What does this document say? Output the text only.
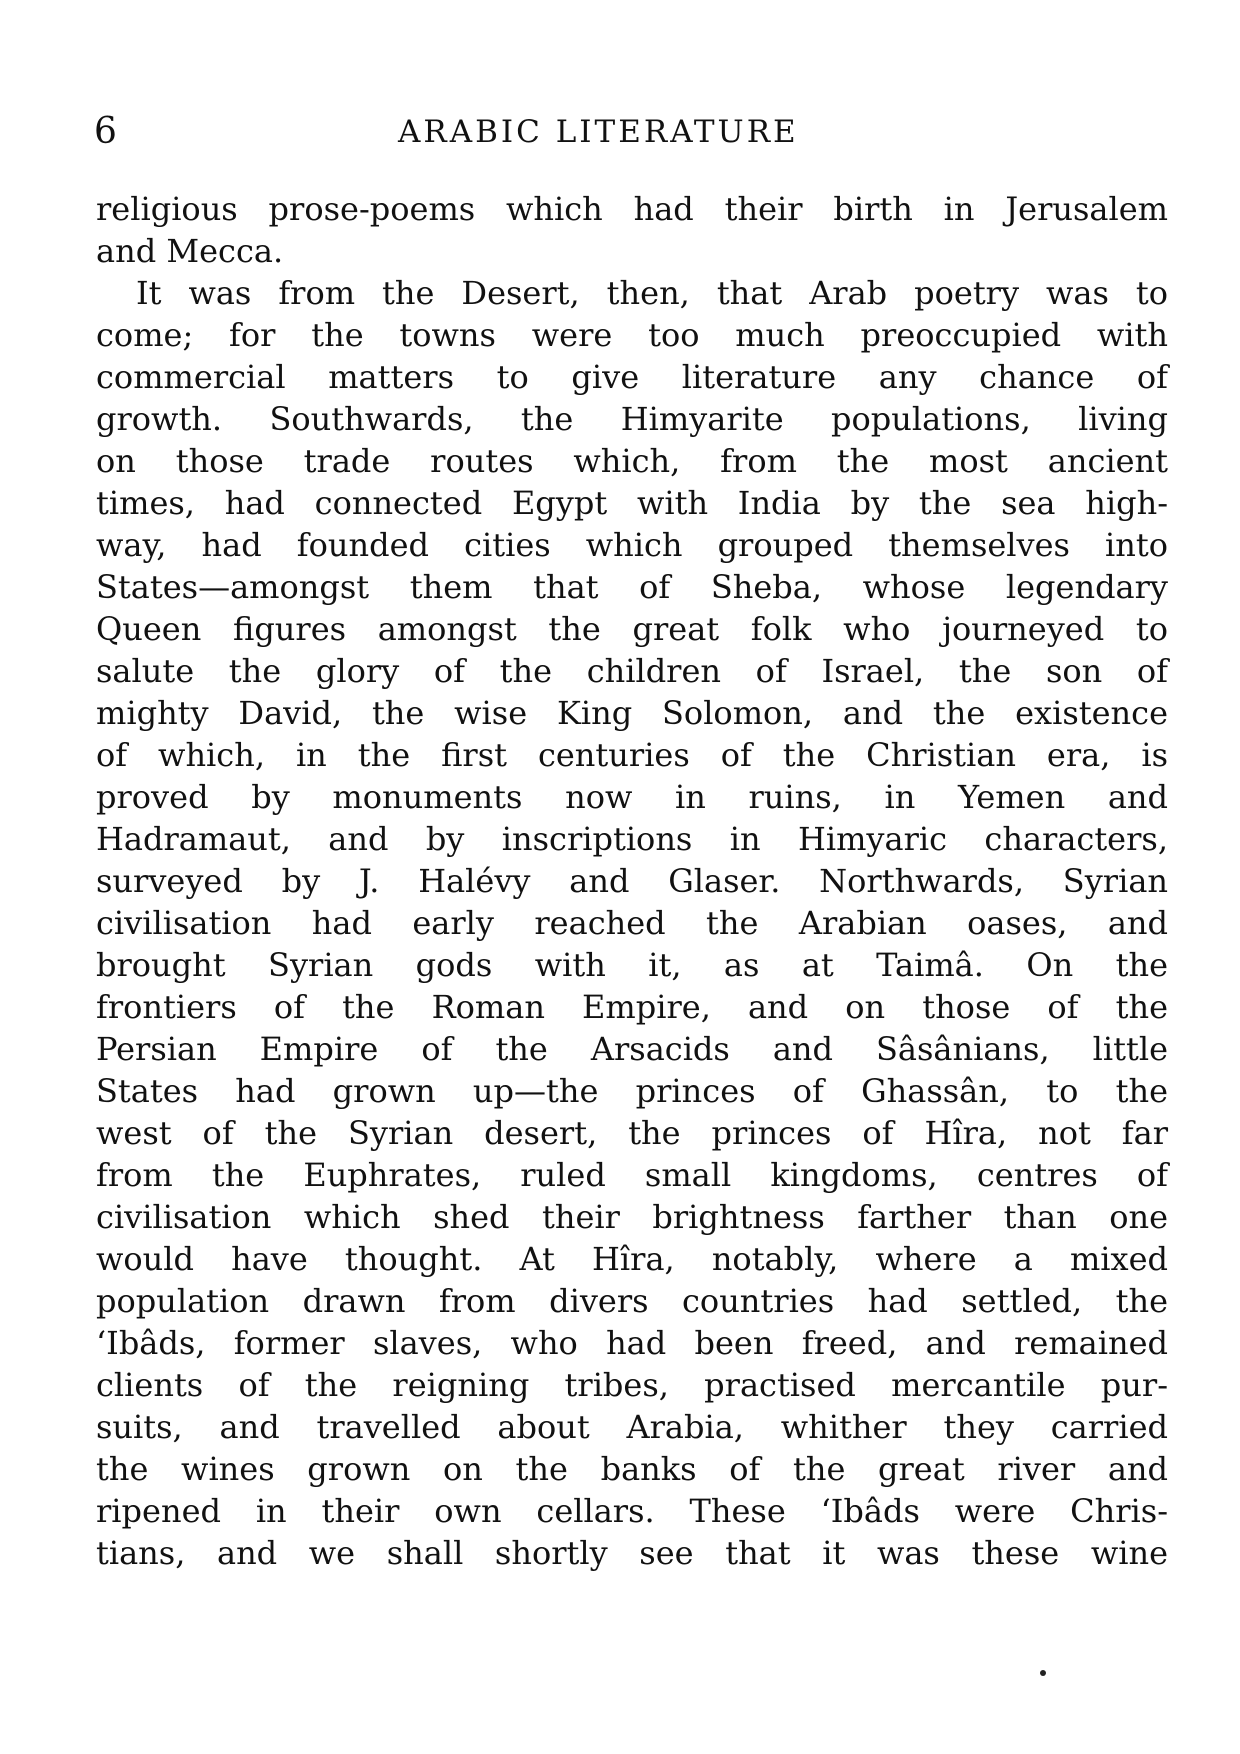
6	ARABIC LITERATURE
religious prose-poems which had their birth in Jerusalem
and Mecca.
It was from the Desert, then, that Arab poetry was to
come; for the towns were too much preoccupied with
commercial matters to give literature any chance of
growth. Southwards, the Himyarite populations, living
on those trade routes which, from the most ancient
times, had connected Egypt with India by the sea high-
way, had founded cities which grouped themselves into
States—amongst them that of Sheba, whose legendary
Queen figures amongst the great folk who journeyed to
salute the glory of the children of Israel, the son of
mighty David, the wise King Solomon, and the existence
of which, in the first centuries of the Christian era, is
proved by monuments now in ruins, in Yemen and
Hadramaut, and by inscriptions in Himyaric characters,
surveyed by J. Halévy and Glaser. Northwards, Syrian
civilisation had early reached the Arabian oases, and
brought Syrian gods with it, as at Taimâ. On the
frontiers of the Roman Empire, and on those of the
Persian Empire of the Arsacids and Sâsânians, little
States had grown up—the princes of Ghassân, to the
west of the Syrian desert, the princes of Hîra, not far
from the Euphrates, ruled small kingdoms, centres of
civilisation which shed their brightness farther than one
would have thought. At Hîra, notably, where a mixed
population drawn from divers countries had settled, the
‘Ibâds, former slaves, who had been freed, and remained
clients of the reigning tribes, practised mercantile pur-
suits, and travelled about Arabia, whither they carried
the wines grown on the banks of the great river and
ripened in their own cellars. These ‘Ibâds were Chris-
tians, and we shall shortly see that it was these wine
